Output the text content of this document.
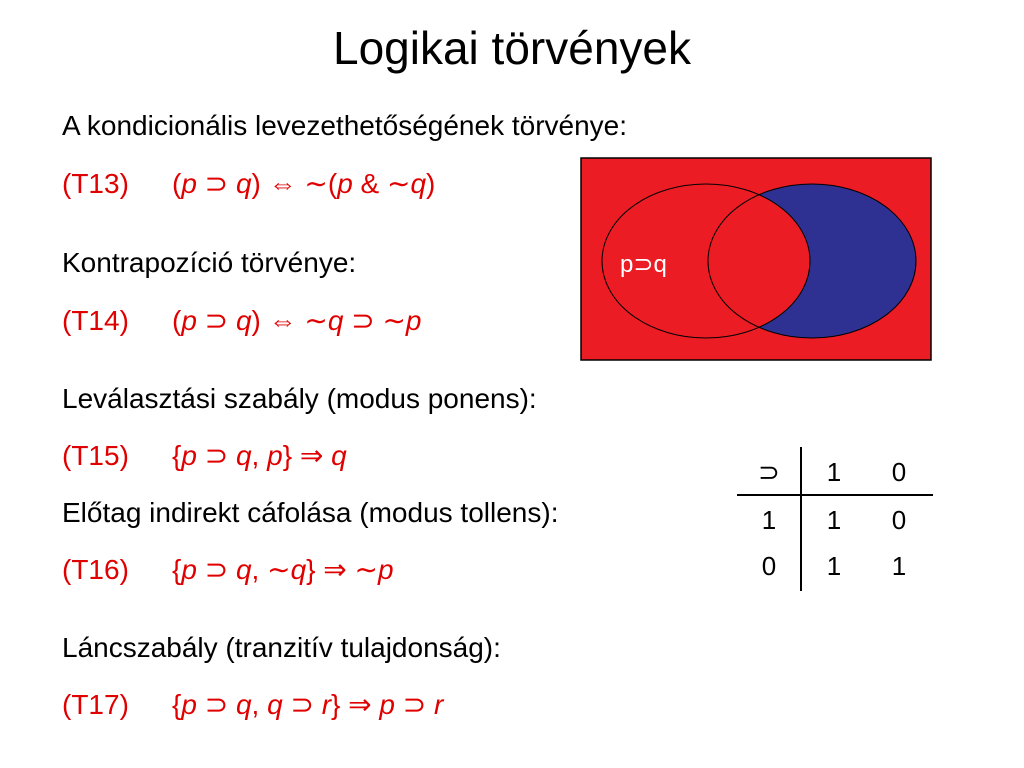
Logikai törvények
A kondicionális levezethetőségének törvénye:
(T13) (p ⊃ q) ⇔ ∼(p & ∼q)
Kontrapozíció törvénye:
(T14) (p ⊃ q) ⇔ ∼q ⊃ ∼p
Leválasztási szabály (modus ponens):
(T15) {p ⊃ q, p} ⇒ q
Előtag indirekt cáfolása (modus tollens):
(T16) {p ⊃ q, ∼q} ⇒ ∼p
Láncszabály (tranzitív tulajdonság):
(T17) {p ⊃ q, q ⊃ r} ⇒ p ⊃ r
p⊃q
⊃	1	0
1	1	0
0	1	1
